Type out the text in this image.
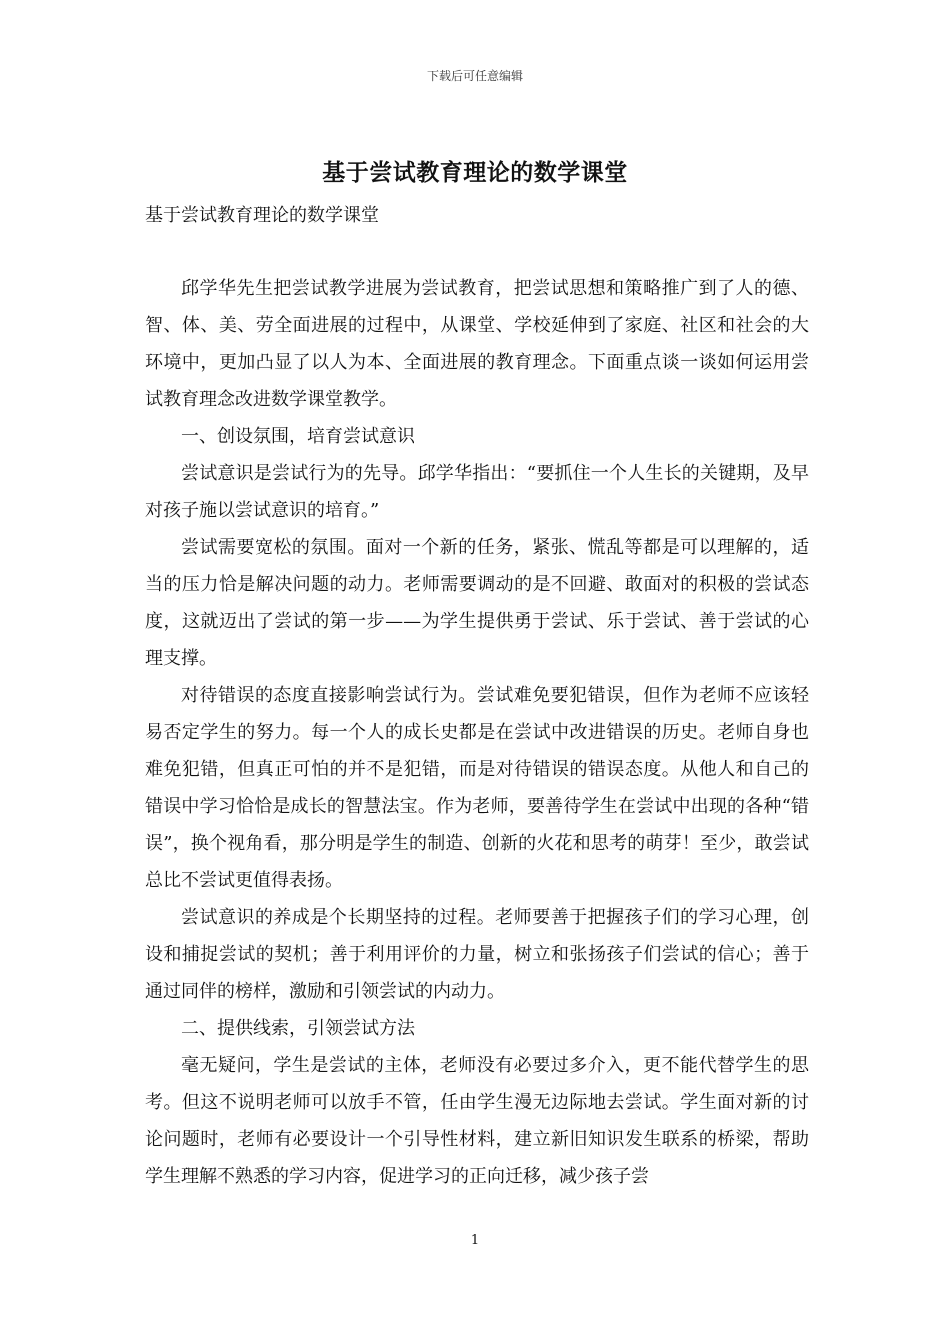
下载后可任意编辑
基于尝试教育理论的数学课堂
基于尝试教育理论的数学课堂

邱学华先生把尝试教学进展为尝试教育，把尝试思想和策略推广到了人的德、智、体、美、劳全面进展的过程中，从课堂、学校延伸到了家庭、社区和社会的大环境中，更加凸显了以人为本、全面进展的教育理念。下面重点谈一谈如何运用尝试教育理念改进数学课堂教学。

一、创设氛围，培育尝试意识

尝试意识是尝试行为的先导。邱学华指出：“要抓住一个人生长的关键期，及早对孩子施以尝试意识的培育。”

尝试需要宽松的氛围。面对一个新的任务，紧张、慌乱等都是可以理解的，适当的压力恰是解决问题的动力。老师需要调动的是不回避、敢面对的积极的尝试态度，这就迈出了尝试的第一步——为学生提供勇于尝试、乐于尝试、善于尝试的心理支撑。

对待错误的态度直接影响尝试行为。尝试难免要犯错误，但作为老师不应该轻易否定学生的努力。每一个人的成长史都是在尝试中改进错误的历史。老师自身也难免犯错，但真正可怕的并不是犯错，而是对待错误的错误态度。从他人和自己的错误中学习恰恰是成长的智慧法宝。作为老师，要善待学生在尝试中出现的各种“错误”，换个视角看，那分明是学生的制造、创新的火花和思考的萌芽！至少，敢尝试总比不尝试更值得表扬。

尝试意识的养成是个长期坚持的过程。老师要善于把握孩子们的学习心理，创设和捕捉尝试的契机；善于利用评价的力量，树立和张扬孩子们尝试的信心；善于通过同伴的榜样，激励和引领尝试的内动力。

二、提供线索，引领尝试方法

毫无疑问，学生是尝试的主体，老师没有必要过多介入，更不能代替学生的思考。但这不说明老师可以放手不管，任由学生漫无边际地去尝试。学生面对新的讨论问题时，老师有必要设计一个引导性材料，建立新旧知识发生联系的桥梁，帮助学生理解不熟悉的学习内容，促进学习的正向迁移，减少孩子尝

1
